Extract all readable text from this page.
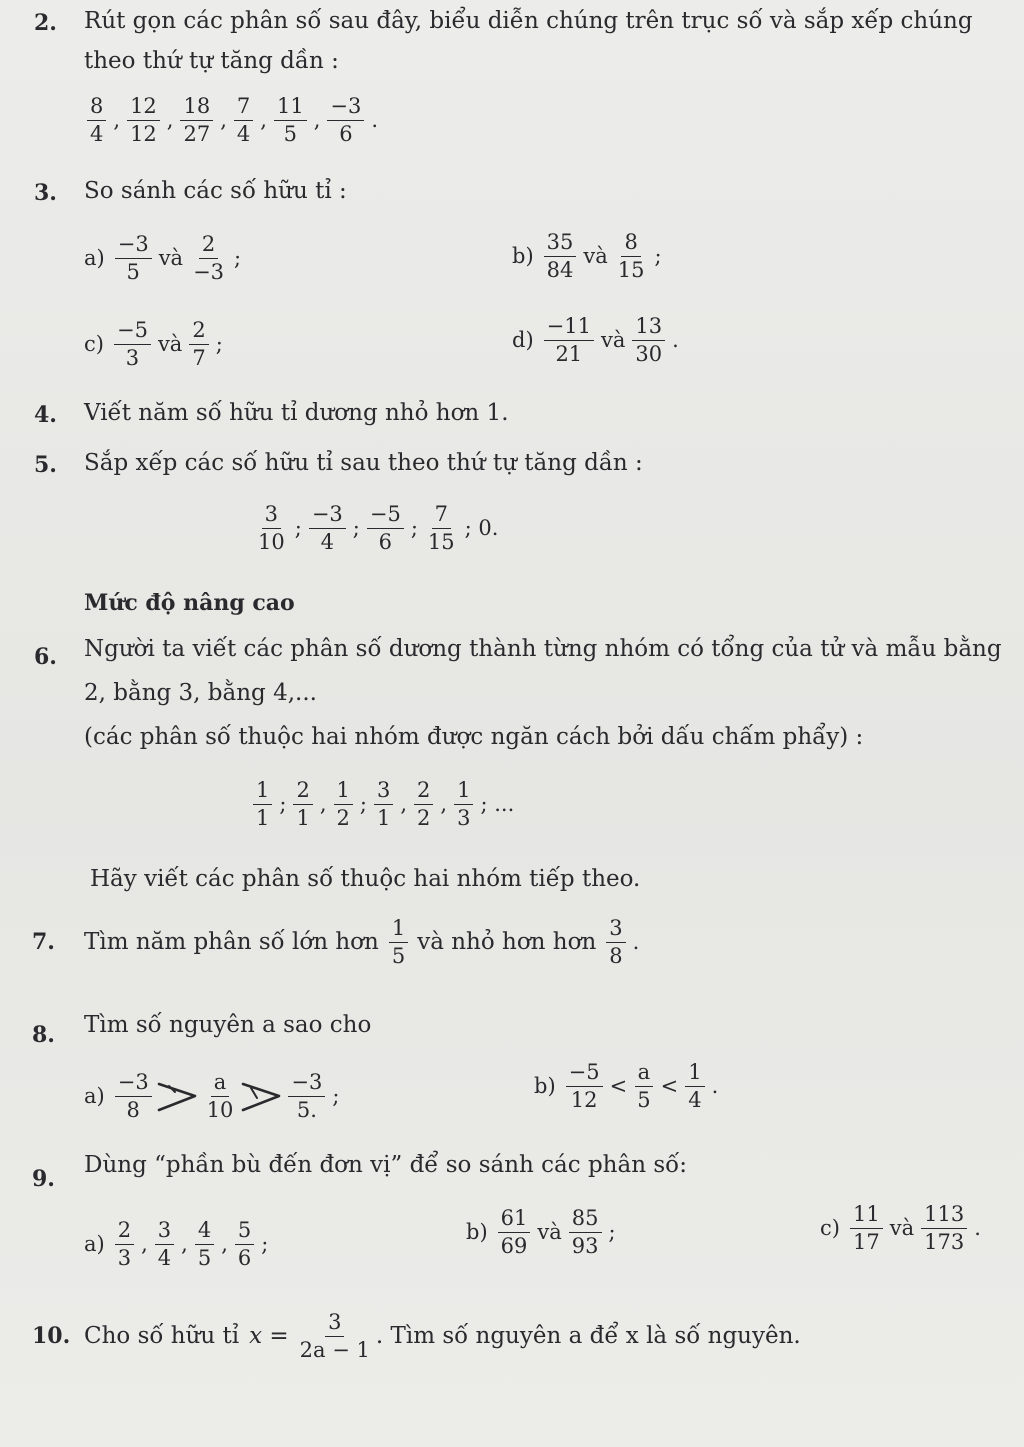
2. Rút gọn các phân số sau đây, biểu diễn chúng trên trục số và sắp xếp chúng
theo thứ tự tăng dần :
$\frac{8}{4}$ , $\frac{12}{12}$ , $\frac{18}{27}$ , $\frac{7}{4}$ , $\frac{11}{5}$ , $\frac{-3}{6}$ .
3. So sánh các số hữu tỉ :
$a) \frac{-3}{5}$ và $\frac{2}{-3}$ ;	$b) \frac{35}{84}$ và $\frac{8}{15}$ ;
$c) \frac{-5}{3}$ và $\frac{2}{7}$ ;	$d) \frac{-11}{21}$ và $\frac{13}{30}$ .
4. Viết năm số hữu tỉ dương nhỏ hơn 1.
5. Sắp xếp các số hữu tỉ sau theo thứ tự tăng dần :
$\frac{3}{10}$ ; $\frac{-3}{4}$ ; $\frac{-5}{6}$ ; $\frac{7}{15}$ ; 0.
Mức độ nâng cao
6. Người ta viết các phân số dương thành từng nhóm có tổng của tử và mẫu bằng
2, bằng 3, bằng 4,...
(các phân số thuộc hai nhóm được ngăn cách bởi dấu chấm phẩy) :
$\frac{1}{1}$ ; $\frac{2}{1}$ , $\frac{1}{2}$ ; $\frac{3}{1}$ , $\frac{2}{2}$ , $\frac{1}{3}$ ; ...
Hãy viết các phân số thuộc hai nhóm tiếp theo.
7.	Tìm năm phân số lớn hơn $\frac{1}{5}$ và nhỏ hơn hơn $\frac{3}{8}$ .
8. Tìm số nguyên a sao cho
$a) \frac{-3}{8} \frac{a}{10} \frac{-3}{5.}$ ;	$b) \frac{-5}{12} < \frac{a}{5} < \frac{1}{4}$ .
9.
Dùng “phần bù đến đơn vị” để so sánh các phân số:
$a) \frac{2}{3}$ , $\frac{3}{4}$ , $\frac{4}{5}$ , $\frac{5}{6}$ ;	$b) \frac{61}{69}$ và $\frac{85}{93}$ ;	$c) \frac{11}{17}$ và $\frac{113}{173}$ .
10. Cho số hữu tỉ $x = \frac{3}{2a - 1}$ . Tìm số nguyên a để x là số nguyên.
